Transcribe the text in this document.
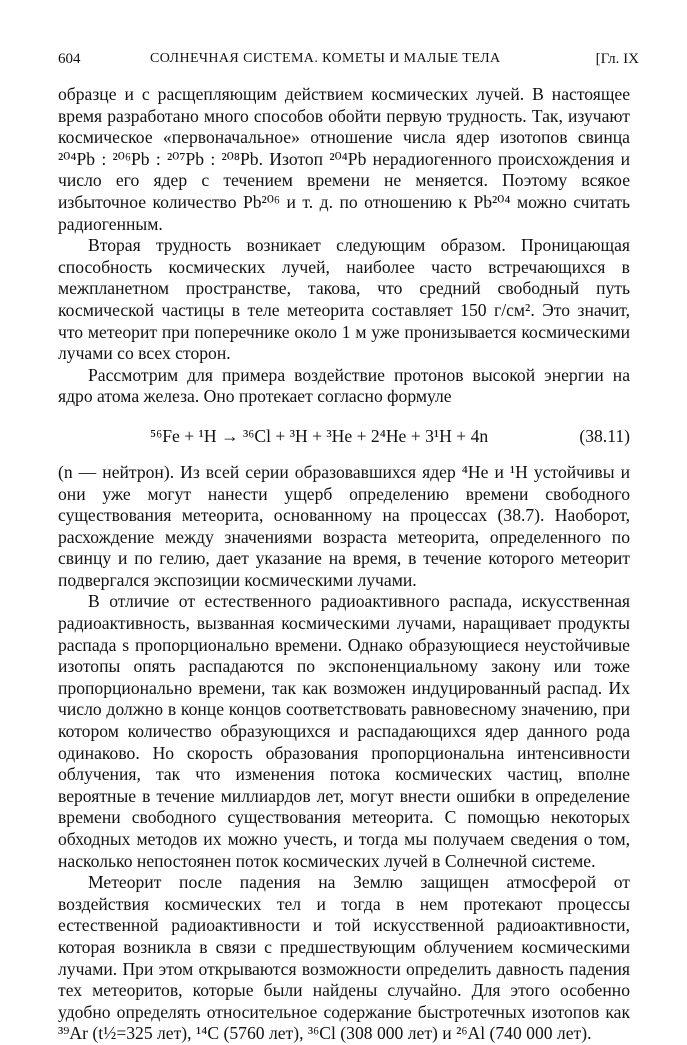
604	СОЛНЕЧНАЯ СИСТЕМА. КОМЕТЫ И МАЛЫЕ ТЕЛА	[Гл. IX

образце и с расщепляющим действием космических лучей. В настоящее время разработано много способов обойти первую трудность. Так, изучают космическое «первоначальное» отношение числа ядер изотопов свинца ²⁰⁴Pb : ²⁰⁶Pb : ²⁰⁷Pb : ²⁰⁸Pb. Изотоп ²⁰⁴Pb нерадиогенного происхождения и число его ядер с течением времени не меняется. Поэтому всякое избыточное количество Pb²⁰⁶ и т. д. по отношению к Pb²⁰⁴ можно считать радиогенным.

Вторая трудность возникает следующим образом. Проницающая способность космических лучей, наиболее часто встречающихся в межпланетном пространстве, такова, что средний свободный путь космической частицы в теле метеорита составляет 150 г/см². Это значит, что метеорит при поперечнике около 1 м уже пронизывается космическими лучами со всех сторон.

Рассмотрим для примера воздействие протонов высокой энергии на ядро атома железа. Оно протекает согласно формуле

⁵⁶Fe + ¹H → ³⁶Cl + ³H + ³He + 2⁴He + 3¹H + 4n	(38.11)

(n — нейтрон). Из всей серии образовавшихся ядер ⁴He и ¹H устойчивы и они уже могут нанести ущерб определению времени свободного существования метеорита, основанному на процессах (38.7). Наоборот, расхождение между значениями возраста метеорита, определенного по свинцу и по гелию, дает указание на время, в течение которого метеорит подвергался экспозиции космическими лучами.

В отличие от естественного радиоактивного распада, искусственная радиоактивность, вызванная космическими лучами, наращивает продукты распада s пропорционально времени. Однако образующиеся неустойчивые изотопы опять распадаются по экспоненциальному закону или тоже пропорционально времени, так как возможен индуцированный распад. Их число должно в конце концов соответствовать равновесному значению, при котором количество образующихся и распадающихся ядер данного рода одинаково. Но скорость образования пропорциональна интенсивности облучения, так что изменения потока космических частиц, вполне вероятные в течение миллиардов лет, могут внести ошибки в определение времени свободного существования метеорита. С помощью некоторых обходных методов их можно учесть, и тогда мы получаем сведения о том, насколько непостоянен поток космических лучей в Солнечной системе.

Метеорит после падения на Землю защищен атмосферой от воздействия космических тел и тогда в нем протекают процессы естественной радиоактивности и той искусственной радиоактивности, которая возникла в связи с предшествующим облучением космическими лучами. При этом открываются возможности определить давность падения тех метеоритов, которые были найдены случайно. Для этого особенно удобно определять относительное содержание быстротечных изотопов как ³⁹Ar (t½=325 лет), ¹⁴C (5760 лет), ³⁶Cl (308 000 лет) и ²⁶Al (740 000 лет).
